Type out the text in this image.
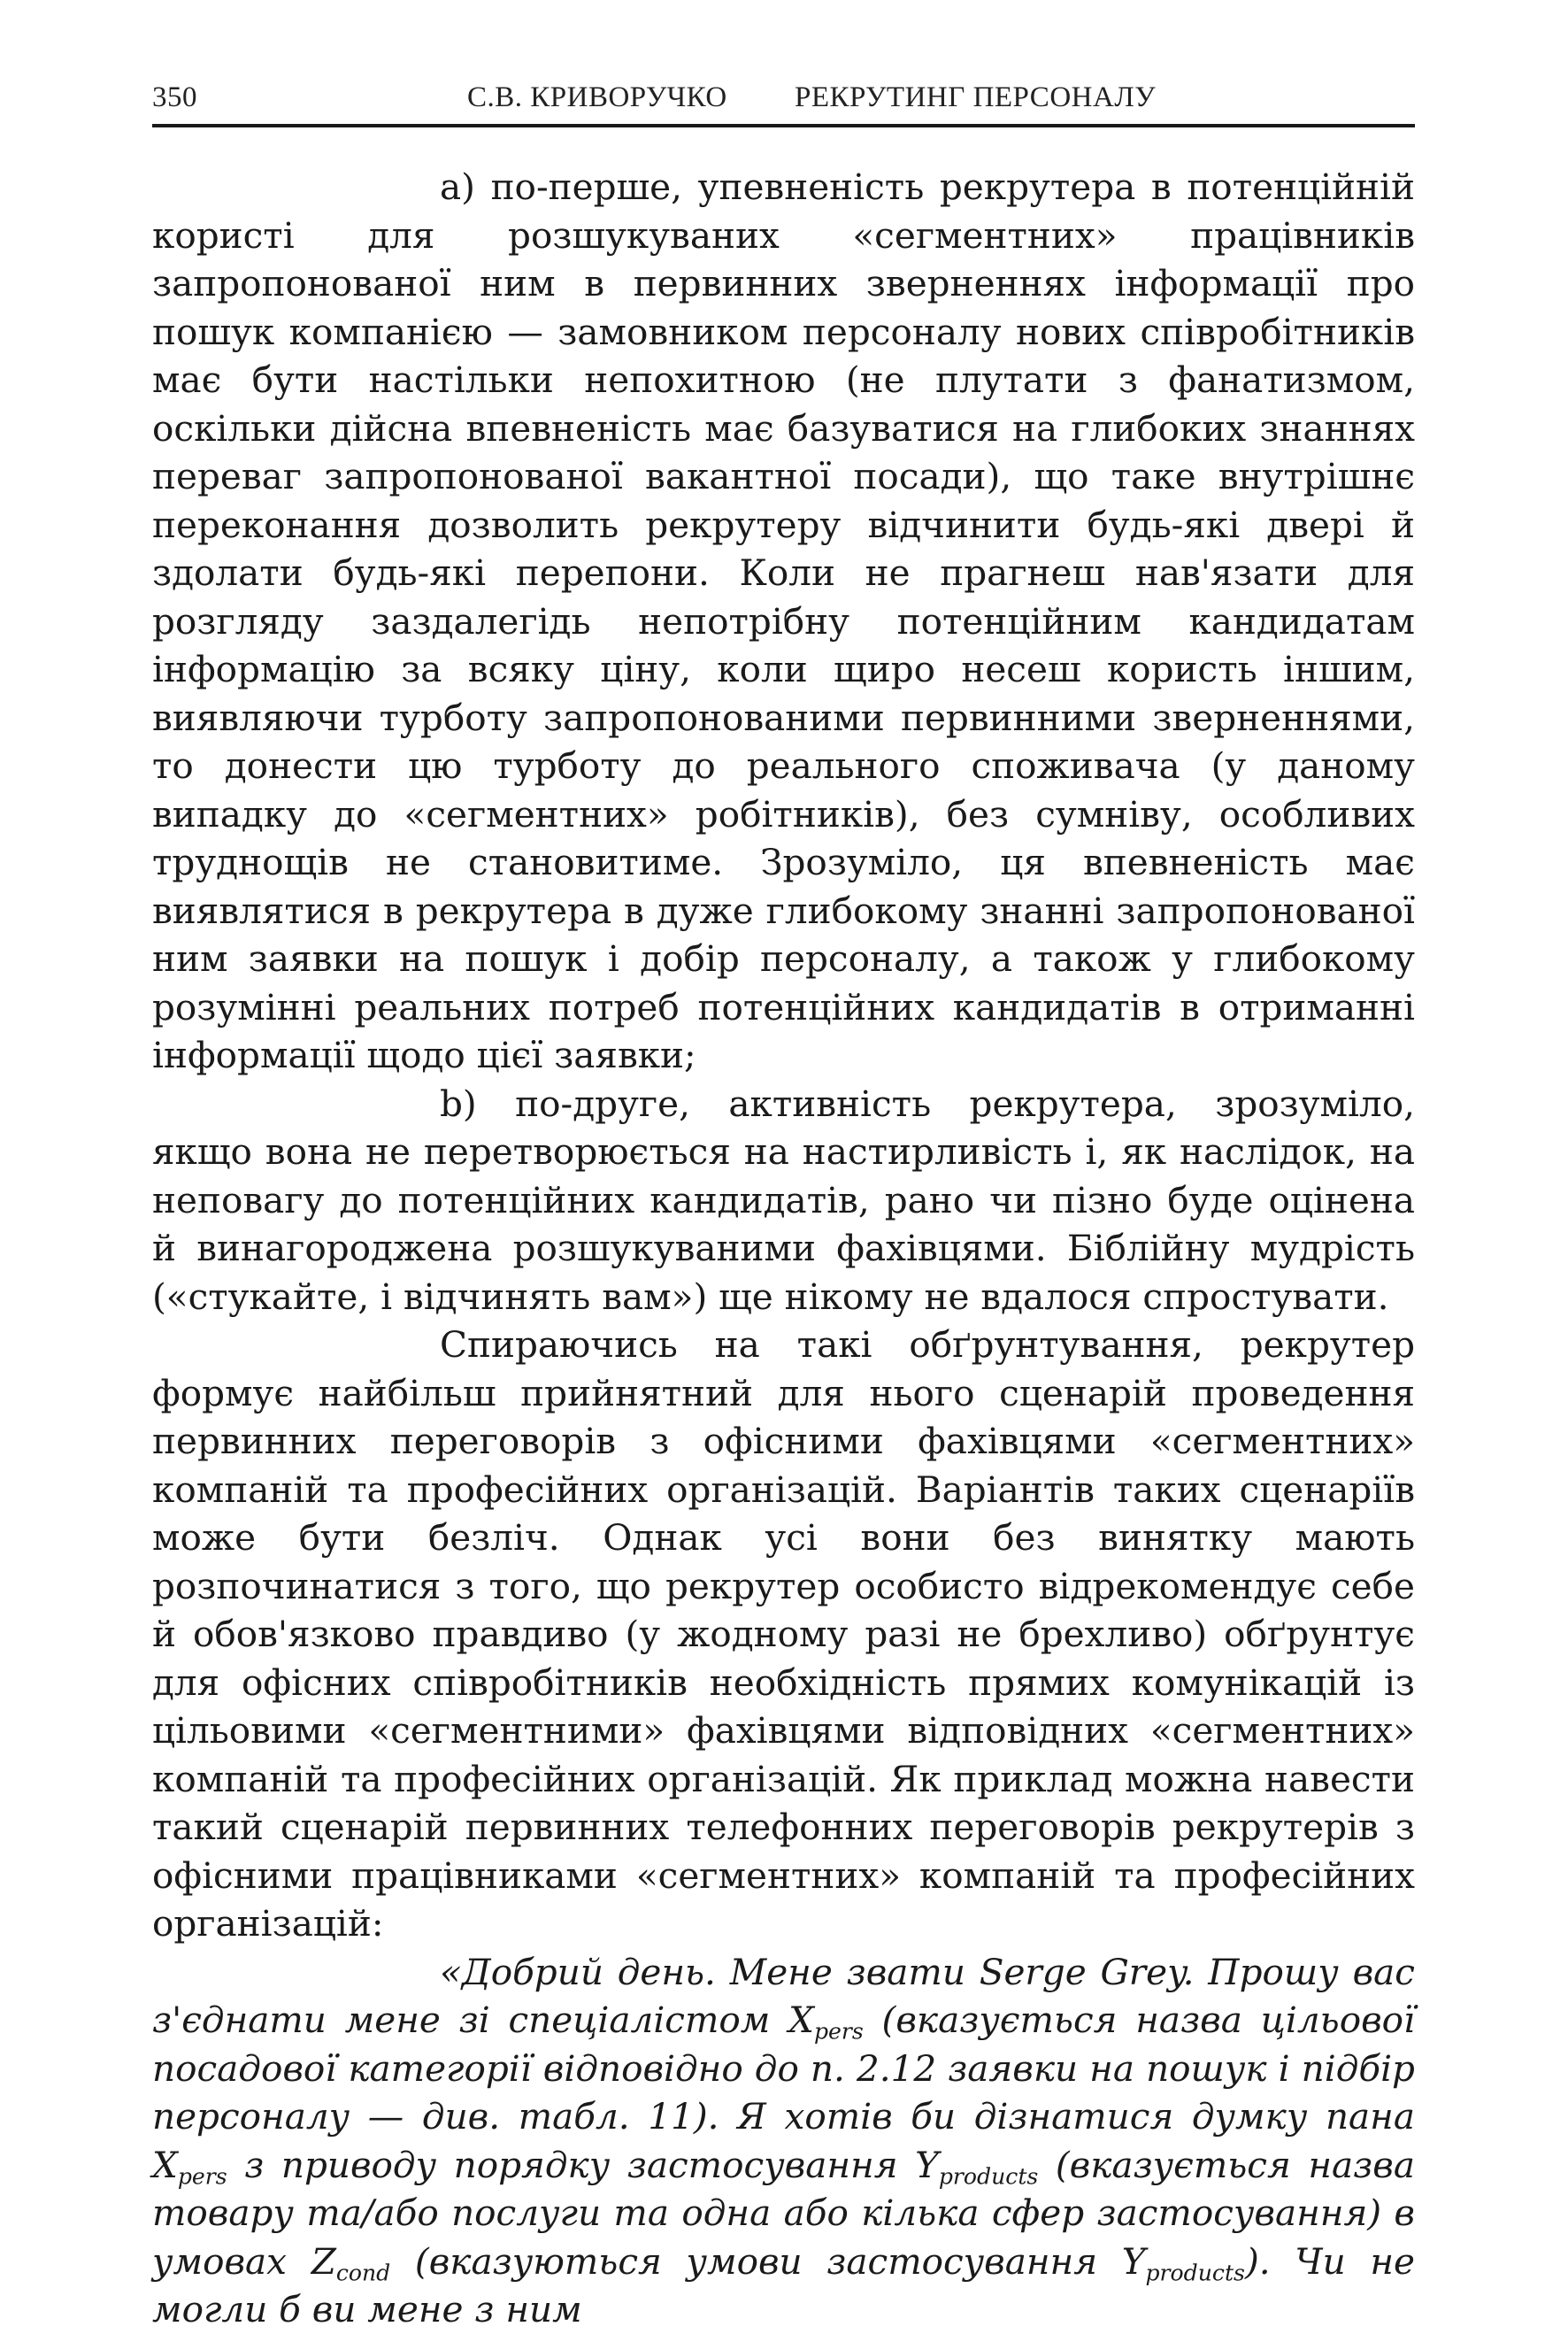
350	С.В. КРИВОРУЧКО РЕКРУТИНГ ПЕРСОНАЛУ

а) по-перше, упевненість рекрутера в потенційній користі для розшукуваних «сегментних» працівників запропонованої ним в первинних зверненнях інформації про пошук компанією — замовником персоналу нових співробітників має бути настільки непохитною (не плутати з фанатизмом, оскільки дійсна впевненість має базуватися на глибоких знаннях переваг запропонованої вакантної посади), що таке внутрішнє переконання дозволить рекрутеру відчинити будь-які двері й здолати будь-які перепони. Коли не прагнеш нав'язати для розгляду заздалегідь непотрібну потенційним кандидатам інформацію за всяку ціну, коли щиро несеш користь іншим, виявляючи турботу запропонованими первинними зверненнями, то донести цю турботу до реального споживача (у даному випадку до «сегментних» робітників), без сумніву, особливих труднощів не становитиме. Зрозуміло, ця впевненість має виявлятися в рекрутера в дуже глибокому знанні запропонованої ним заявки на пошук і добір персоналу, а також у глибокому розумінні реальних потреб потенційних кандидатів в отриманні інформації щодо цієї заявки;

b) по-друге, активність рекрутера, зрозуміло, якщо вона не перетворюється на настирливість і, як наслідок, на неповагу до потенційних кандидатів, рано чи пізно буде оцінена й винагороджена розшукуваними фахівцями. Біблійну мудрість («стукайте, і відчинять вам») ще нікому не вдалося спростувати.

Спираючись на такі обґрунтування, рекрутер формує найбільш прийнятний для нього сценарій проведення первинних переговорів з офісними фахівцями «сегментних» компаній та професійних організацій. Варіантів таких сценаріїв може бути безліч. Однак усі вони без винятку мають розпочинатися з того, що рекрутер особисто відрекомендує себе й обов'язково правдиво (у жодному разі не брехливо) обґрунтує для офісних співробітників необхідність прямих комунікацій із цільовими «сегментними» фахівцями відповідних «сегментних» компаній та професійних організацій. Як приклад можна навести такий сценарій первинних телефонних переговорів рекрутерів з офісними працівниками «сегментних» компаній та професійних організацій:

«Добрий день. Мене звати Serge Grey. Прошу вас з'єднати мене зі спеціалістом $X_{pers}$ (вказується назва цільової посадової категорії відповідно до п. 2.12 заявки на пошук і підбір персоналу — див. табл. 11). Я хотів би дізнатися думку пана $X_{pers}$ з приводу порядку застосування $Y_{products}$ (вказується назва товару та/або послуги та одна або кілька сфер застосування) в умовах $Z_{cond}$ (вказуються умови застосування $Y_{products}$). Чи не могли б ви мене з ним
